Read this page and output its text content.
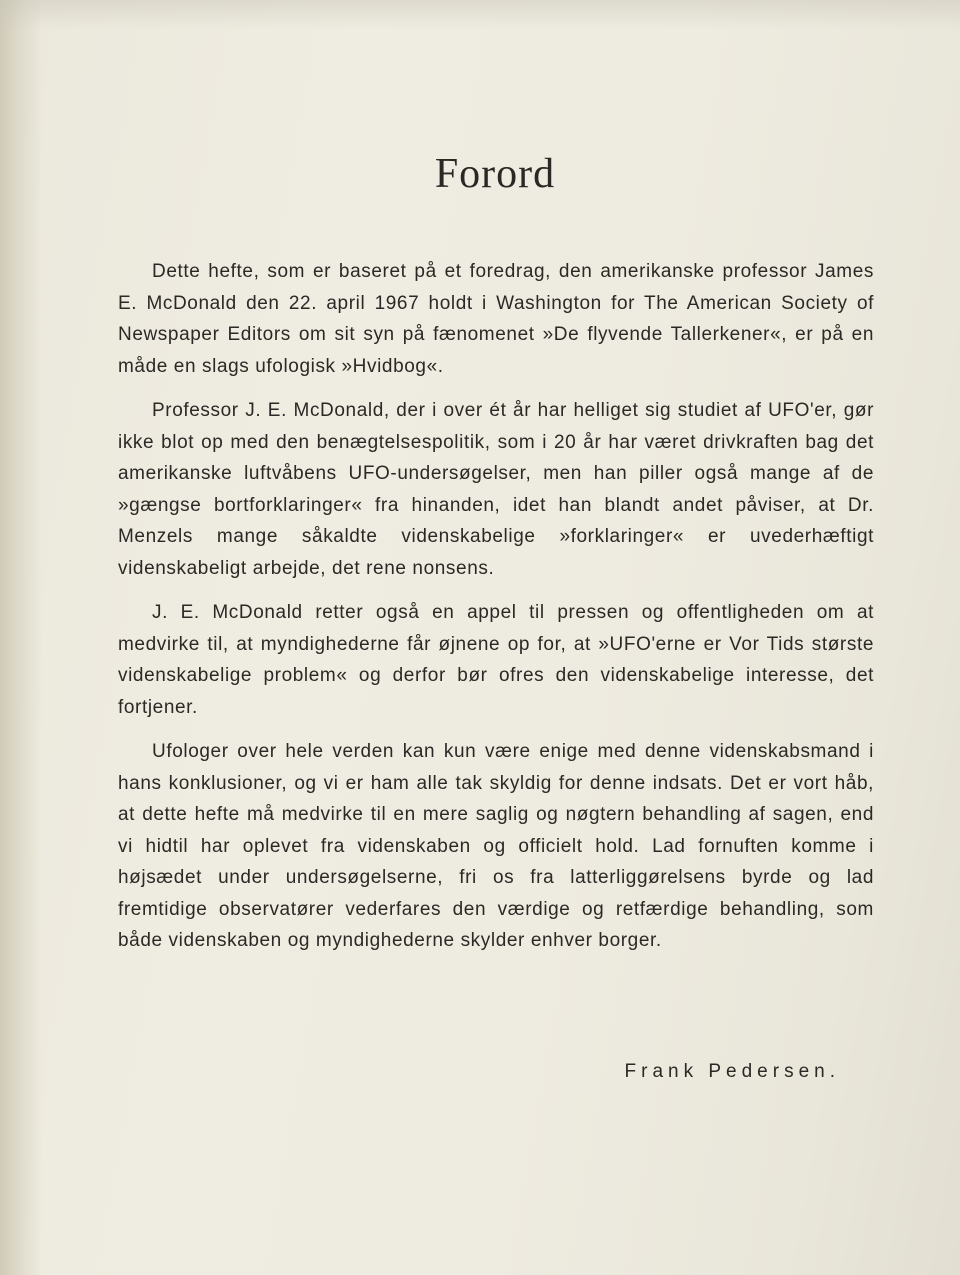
Forord

Dette hefte, som er baseret på et foredrag, den amerikanske professor James E. McDonald den 22. april 1967 holdt i Washington for The American Society of Newspaper Editors om sit syn på fænomenet »De flyvende Tallerkener«, er på en måde en slags ufologisk »Hvidbog«.

Professor J. E. McDonald, der i over ét år har helliget sig studiet af UFO'er, gør ikke blot op med den benægtelsespolitik, som i 20 år har været drivkraften bag det amerikanske luftvåbens UFO-undersøgelser, men han piller også mange af de »gængse bortforklaringer« fra hinanden, idet han blandt andet påviser, at Dr. Menzels mange såkaldte videnskabelige »forklaringer« er uvederhæftigt videnskabeligt arbejde, det rene nonsens.

J. E. McDonald retter også en appel til pressen og offentligheden om at medvirke til, at myndighederne får øjnene op for, at »UFO'erne er Vor Tids største videnskabelige problem« og derfor bør ofres den videnskabelige interesse, det fortjener.

Ufologer over hele verden kan kun være enige med denne videnskabsmand i hans konklusioner, og vi er ham alle tak skyldig for denne indsats. Det er vort håb, at dette hefte må medvirke til en mere saglig og nøgtern behandling af sagen, end vi hidtil har oplevet fra videnskaben og officielt hold. Lad fornuften komme i højsædet under undersøgelserne, fri os fra latterliggørelsens byrde og lad fremtidige observatører vederfares den værdige og retfærdige behandling, som både videnskaben og myndighederne skylder enhver borger.

Frank Pedersen.
